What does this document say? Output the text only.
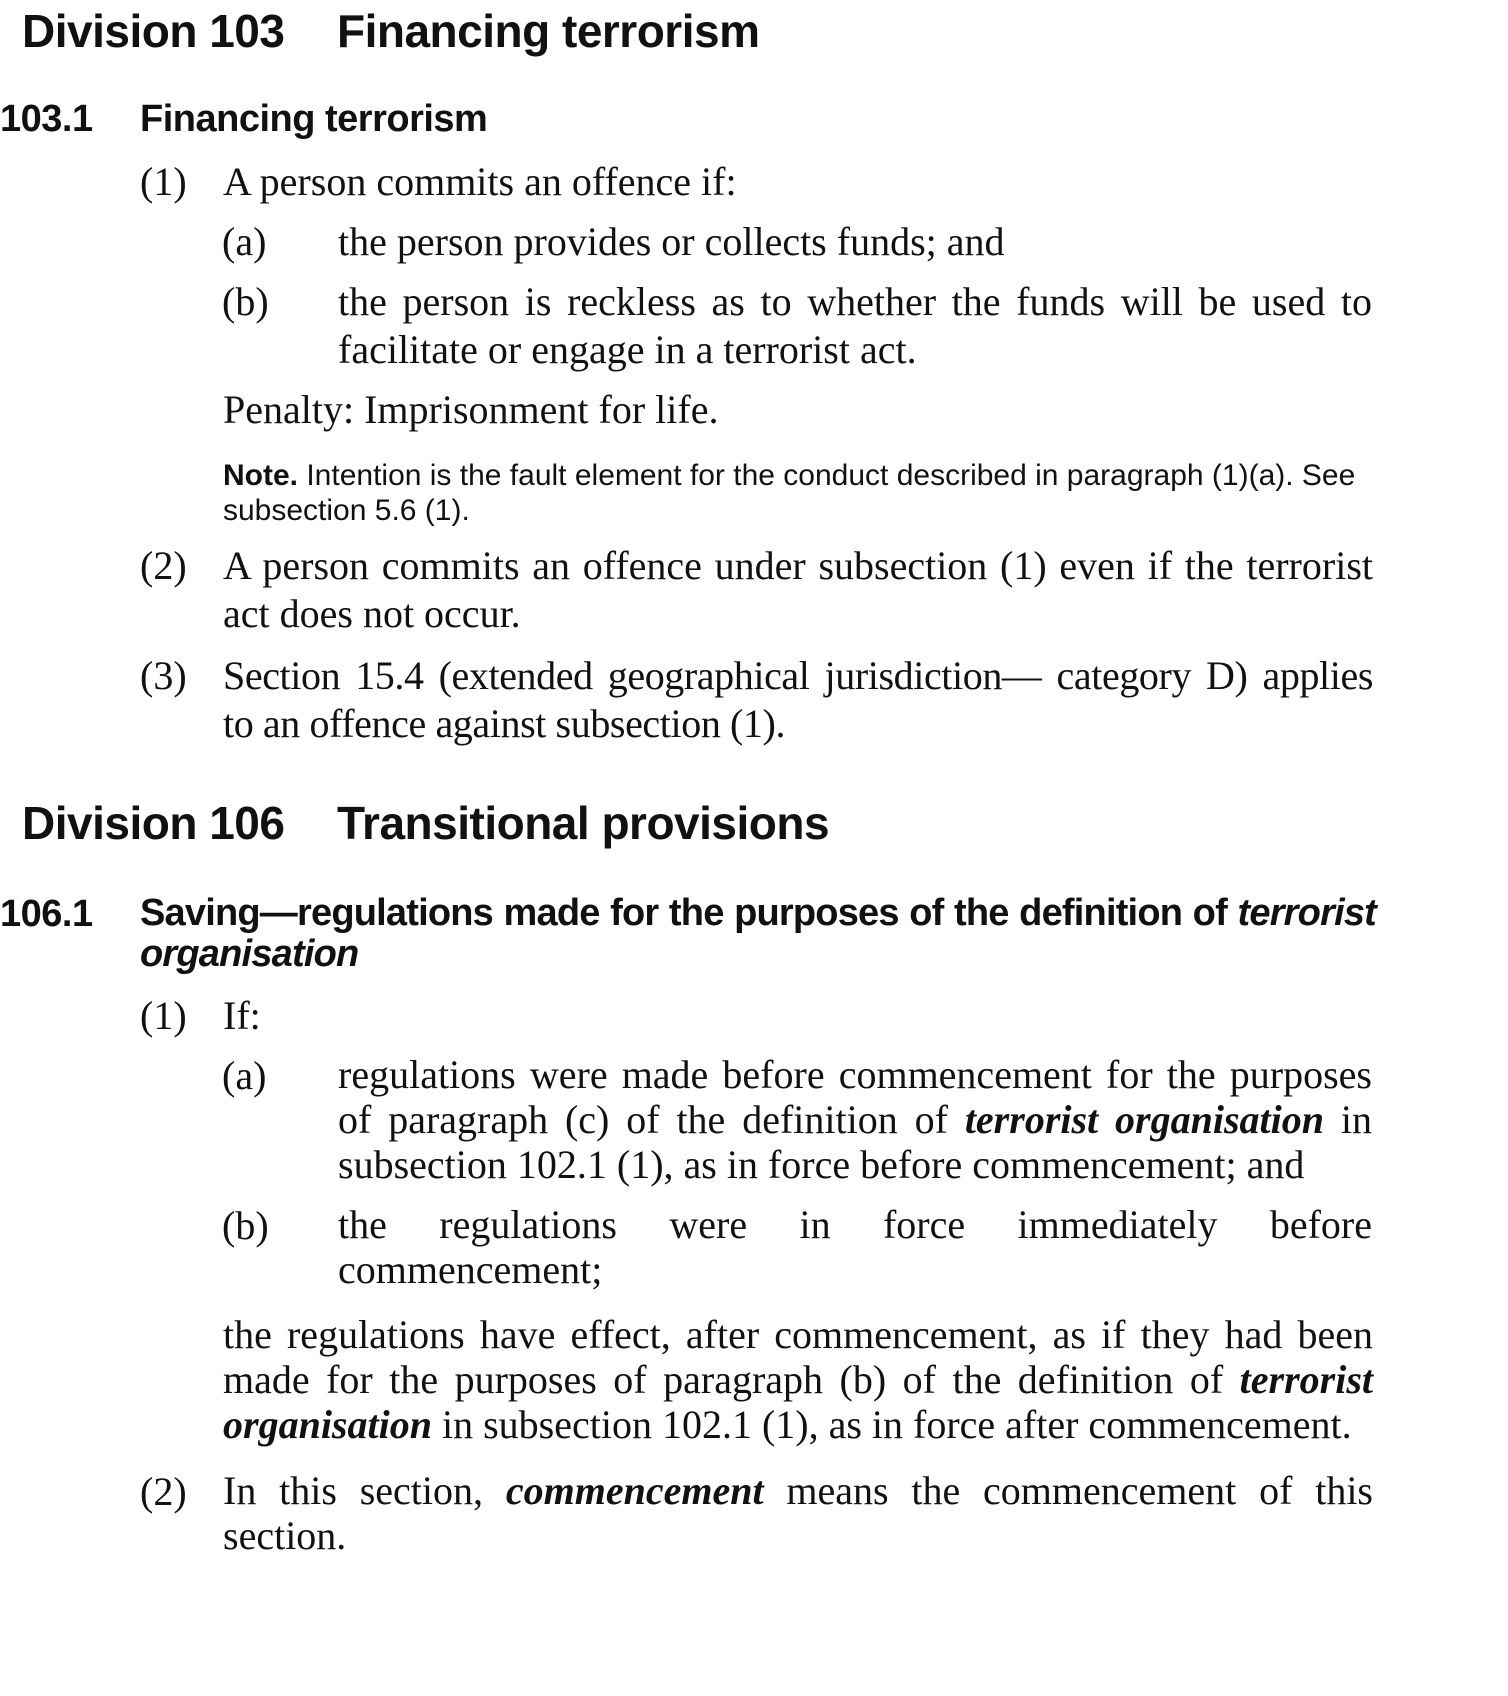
Division 103 Financing terrorism
103.1 Financing terrorism
(1) A person commits an offence if:
(a) the person provides or collects funds; and
(b) the person is reckless as to whether the funds will be used to facilitate or engage in a terrorist act.
Penalty: Imprisonment for life.
Note. Intention is the fault element for the conduct described in paragraph (1)(a). See subsection 5.6 (1).
(2) A person commits an offence under subsection (1) even if the terrorist act does not occur.
(3) Section 15.4 (extended geographical jurisdiction— category D) applies to an offence against subsection (1).
Division 106 Transitional provisions
106.1 Saving—regulations made for the purposes of the definition of terrorist organisation
(1) If:
(a) regulations were made before commencement for the purposes of paragraph (c) of the definition of terrorist organisation in subsection 102.1 (1), as in force before commencement; and
(b) the regulations were in force immediately before commencement;
the regulations have effect, after commencement, as if they had been made for the purposes of paragraph (b) of the definition of terrorist organisation in subsection 102.1 (1), as in force after commencement.
(2) In this section, commencement means the commencement of this section.
